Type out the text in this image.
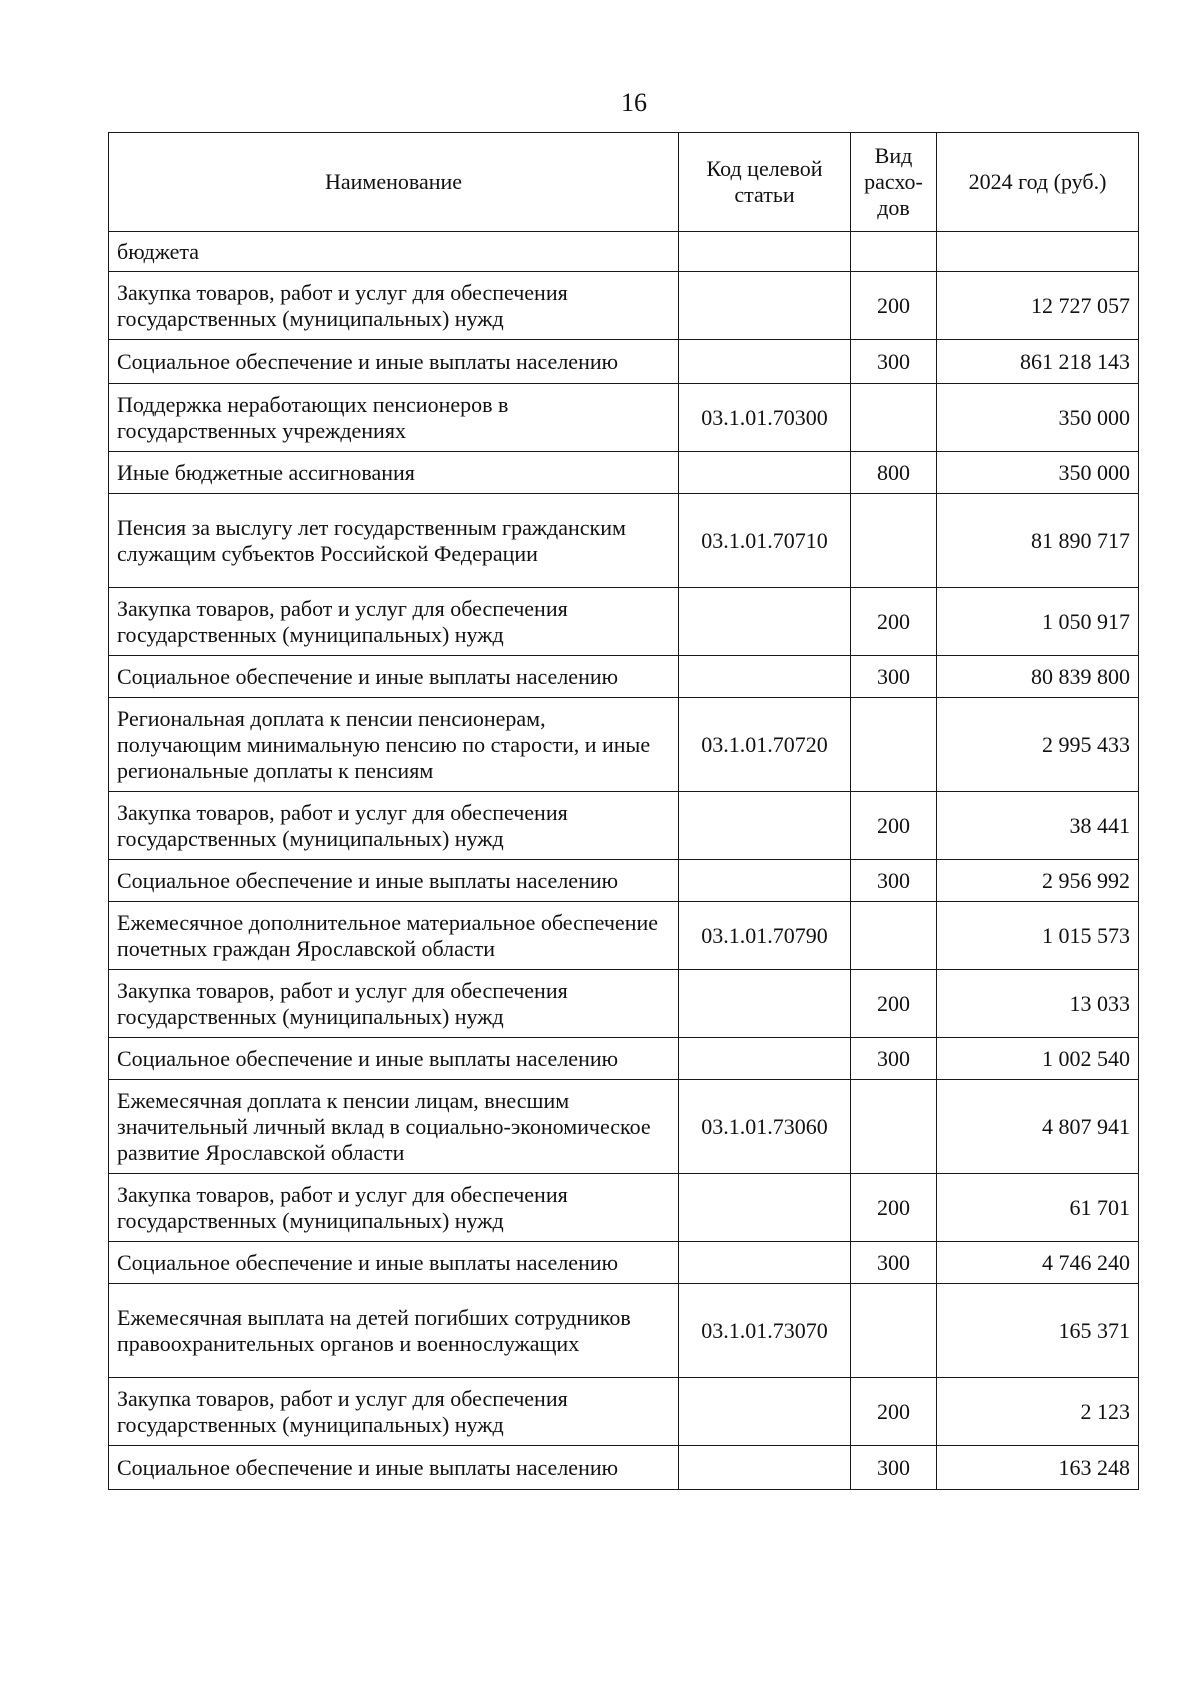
16
Наименование	Код целевой статьи	Вид расхо-дов	2024 год (руб.)
бюджета			
Закупка товаров, работ и услуг для обеспечения государственных (муниципальных) нужд		200	12 727 057
Социальное обеспечение и иные выплаты населению		300	861 218 143
Поддержка неработающих пенсионеров в государственных учреждениях	03.1.01.70300		350 000
Иные бюджетные ассигнования		800	350 000
Пенсия за выслугу лет государственным гражданским служащим субъектов Российской Федерации	03.1.01.70710		81 890 717
Закупка товаров, работ и услуг для обеспечения государственных (муниципальных) нужд		200	1 050 917
Социальное обеспечение и иные выплаты населению		300	80 839 800
Региональная доплата к пенсии пенсионерам, получающим минимальную пенсию по старости, и иные региональные доплаты к пенсиям	03.1.01.70720		2 995 433
Закупка товаров, работ и услуг для обеспечения государственных (муниципальных) нужд		200	38 441
Социальное обеспечение и иные выплаты населению		300	2 956 992
Ежемесячное дополнительное материальное обеспечение почетных граждан Ярославской области	03.1.01.70790		1 015 573
Закупка товаров, работ и услуг для обеспечения государственных (муниципальных) нужд		200	13 033
Социальное обеспечение и иные выплаты населению		300	1 002 540
Ежемесячная доплата к пенсии лицам, внесшим значительный личный вклад в социально-экономическое развитие Ярославской области	03.1.01.73060		4 807 941
Закупка товаров, работ и услуг для обеспечения государственных (муниципальных) нужд		200	61 701
Социальное обеспечение и иные выплаты населению		300	4 746 240
Ежемесячная выплата на детей погибших сотрудников правоохранительных органов и военнослужащих	03.1.01.73070		165 371
Закупка товаров, работ и услуг для обеспечения государственных (муниципальных) нужд		200	2 123
Социальное обеспечение и иные выплаты населению		300	163 248
